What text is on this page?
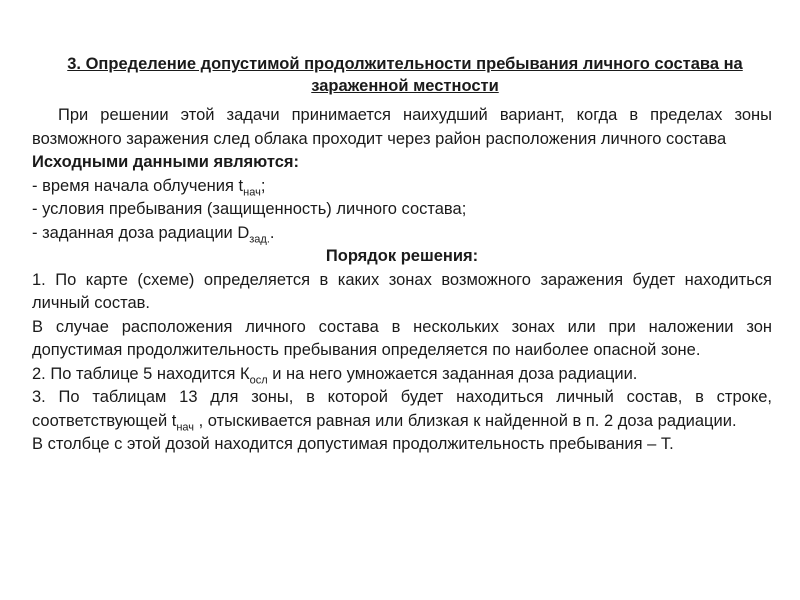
3. Определение допустимой продолжительности пребывания личного состава на зараженной местности

При решении этой задачи принимается наихудший вариант, когда в пределах зоны возможного заражения след облака проходит через район расположения личного состава

Исходными данными являются:

- время начала облучения $t_{нач}$;

- условия пребывания (защищенность) личного состава;

- заданная доза радиации $D_{зад.}$.

Порядок решения:

1. По карте (схеме) определяется в каких зонах возможного заражения будет находиться личный состав.

В случае расположения личного состава в нескольких зонах или при наложении зон допустимая продолжительность пребывания определяется по наиболее опасной зоне.

2. По таблице 5 находится $К_{осл}$ и на него умножается заданная доза радиации.

3. По таблицам 13 для зоны, в которой будет находиться личный состав, в строке, соответствующей $t_{нач}$ , отыскивается равная или близкая к найденной в п. 2 доза радиации.

В столбце с этой дозой находится допустимая продолжительность пребывания – Т.
